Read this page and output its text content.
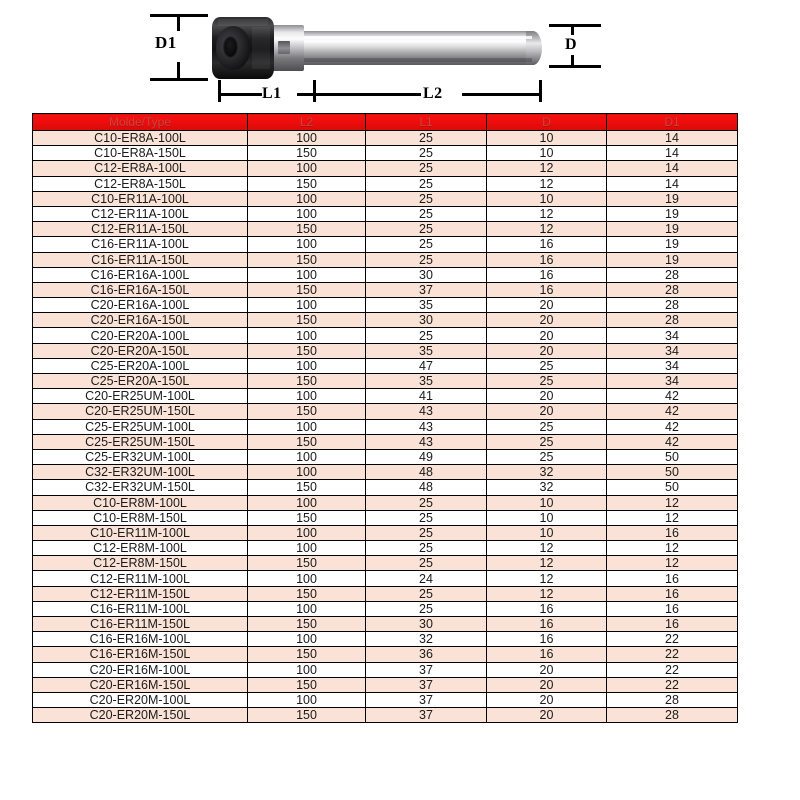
D1	D
L1	L2
Molde/Type	L2	L1	D	D1
C10-ER8A-100L	100	25	10	14
C10-ER8A-150L	150	25	10	14
C12-ER8A-100L	100	25	12	14
C12-ER8A-150L	150	25	12	14
C10-ER11A-100L	100	25	10	19
C12-ER11A-100L	100	25	12	19
C12-ER11A-150L	150	25	12	19
C16-ER11A-100L	100	25	16	19
C16-ER11A-150L	150	25	16	19
C16-ER16A-100L	100	30	16	28
C16-ER16A-150L	150	37	16	28
C20-ER16A-100L	100	35	20	28
C20-ER16A-150L	150	30	20	28
C20-ER20A-100L	100	25	20	34
C20-ER20A-150L	150	35	20	34
C25-ER20A-100L	100	47	25	34
C25-ER20A-150L	150	35	25	34
C20-ER25UM-100L	100	41	20	42
C20-ER25UM-150L	150	43	20	42
C25-ER25UM-100L	100	43	25	42
C25-ER25UM-150L	150	43	25	42
C25-ER32UM-100L	100	49	25	50
C32-ER32UM-100L	100	48	32	50
C32-ER32UM-150L	150	48	32	50
C10-ER8M-100L	100	25	10	12
C10-ER8M-150L	150	25	10	12
C10-ER11M-100L	100	25	10	16
C12-ER8M-100L	100	25	12	12
C12-ER8M-150L	150	25	12	12
C12-ER11M-100L	100	24	12	16
C12-ER11M-150L	150	25	12	16
C16-ER11M-100L	100	25	16	16
C16-ER11M-150L	150	30	16	16
C16-ER16M-100L	100	32	16	22
C16-ER16M-150L	150	36	16	22
C20-ER16M-100L	100	37	20	22
C20-ER16M-150L	150	37	20	22
C20-ER20M-100L	100	37	20	28
C20-ER20M-150L	150	37	20	28
